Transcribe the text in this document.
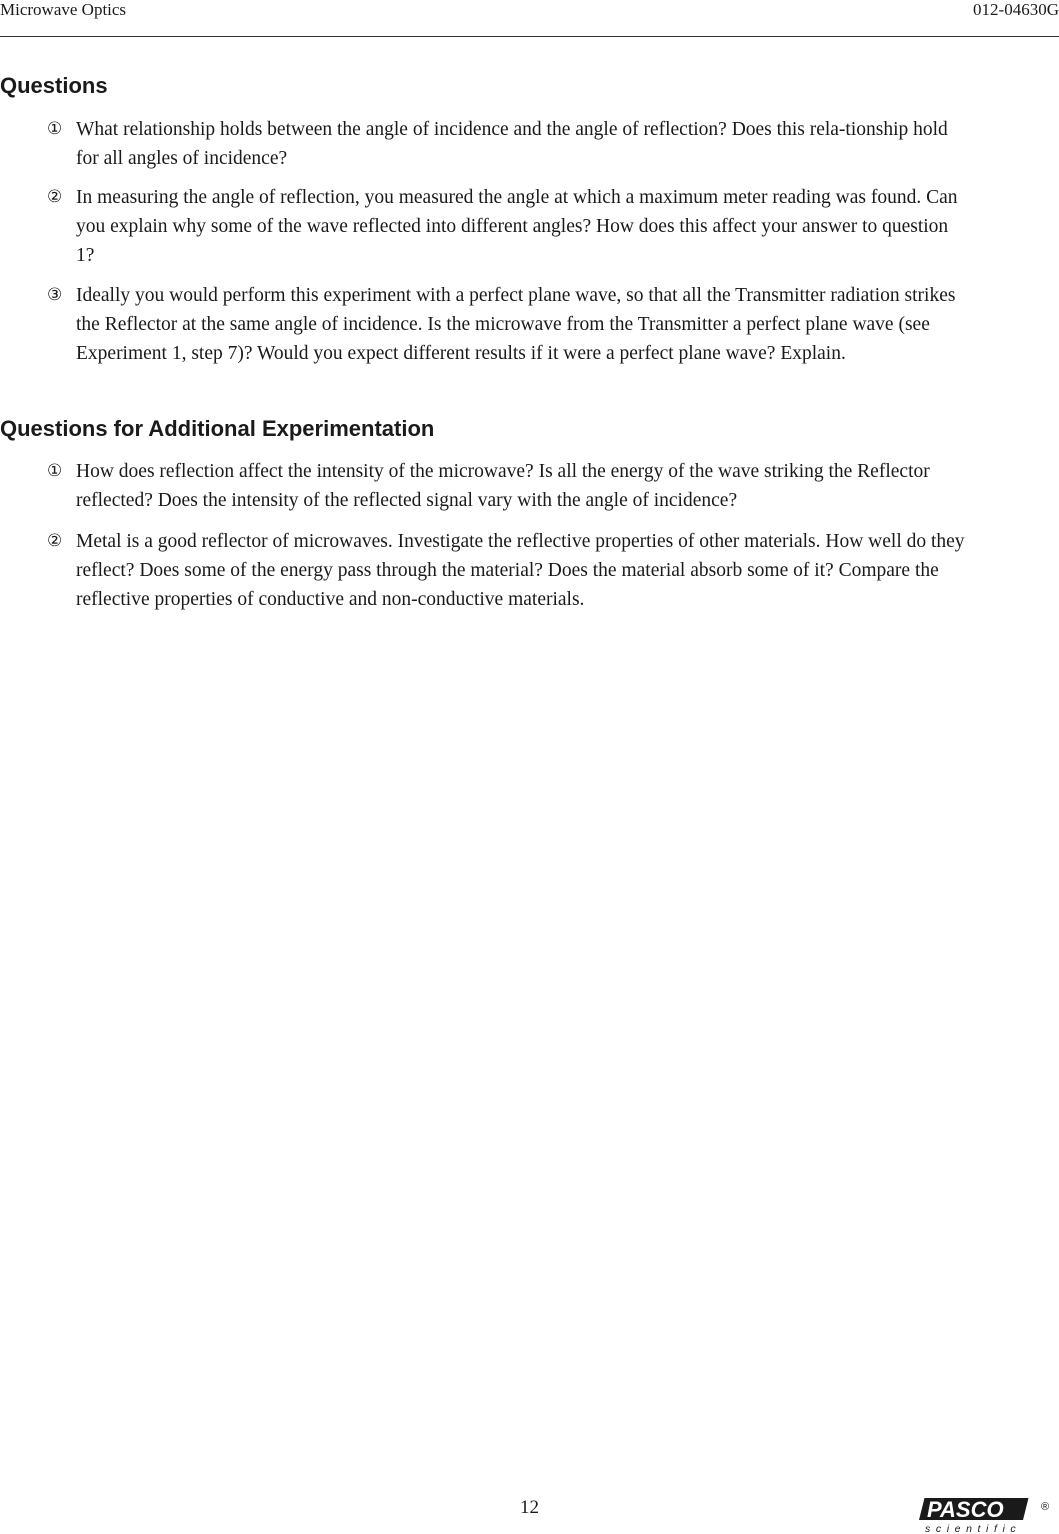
Microwave Optics	012-04630G
Questions
① What relationship holds between the angle of incidence and the angle of reflection? Does this rela-tionship hold for all angles of incidence?
② In measuring the angle of reflection, you measured the angle at which a maximum meter reading was found. Can you explain why some of the wave reflected into different angles? How does this affect your answer to question 1?
③ Ideally you would perform this experiment with a perfect plane wave, so that all the Transmitter radiation strikes the Reflector at the same angle of incidence. Is the microwave from the Transmitter a perfect plane wave (see Experiment 1, step 7)? Would you expect different results if it were a perfect plane wave? Explain.
Questions for Additional Experimentation
① How does reflection affect the intensity of the microwave? Is all the energy of the wave striking the Reflector reflected? Does the intensity of the reflected signal vary with the angle of incidence?
② Metal is a good reflector of microwaves. Investigate the reflective properties of other materials. How well do they reflect? Does some of the energy pass through the material? Does the material absorb some of it? Compare the reflective properties of conductive and non-conductive materials.
12	PASCO	®
scientific
